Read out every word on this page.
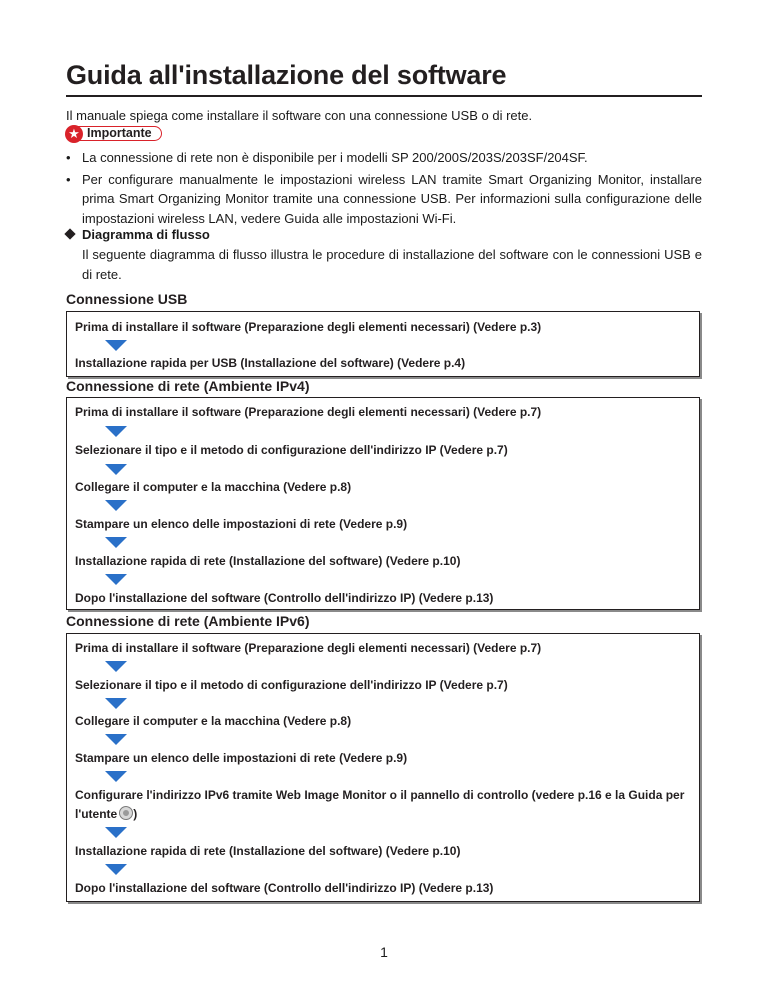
Guida all'installazione del software
Il manuale spiega come installare il software con una connessione USB o di rete.
★ Importante
• La connessione di rete non è disponibile per i modelli SP 200/200S/203S/203SF/204SF.
• Per configurare manualmente le impostazioni wireless LAN tramite Smart Organizing Monitor, installare prima Smart Organizing Monitor tramite una connessione USB. Per informazioni sulla configurazione delle impostazioni wireless LAN, vedere Guida alle impostazioni Wi-Fi.
Diagramma di flusso
Il seguente diagramma di flusso illustra le procedure di installazione del software con le connessioni USB e di rete.
Connessione USB
Prima di installare il software (Preparazione degli elementi necessari) (Vedere p.3)
Installazione rapida per USB (Installazione del software) (Vedere p.4)
Connessione di rete (Ambiente IPv4)
Prima di installare il software (Preparazione degli elementi necessari) (Vedere p.7)
Selezionare il tipo e il metodo di configurazione dell'indirizzo IP (Vedere p.7)
Collegare il computer e la macchina (Vedere p.8)
Stampare un elenco delle impostazioni di rete (Vedere p.9)
Installazione rapida di rete (Installazione del software) (Vedere p.10)
Dopo l'installazione del software (Controllo dell'indirizzo IP) (Vedere p.13)
Connessione di rete (Ambiente IPv6)
Prima di installare il software (Preparazione degli elementi necessari) (Vedere p.7)
Selezionare il tipo e il metodo di configurazione dell'indirizzo IP (Vedere p.7)
Collegare il computer e la macchina (Vedere p.8)
Stampare un elenco delle impostazioni di rete (Vedere p.9)
Configurare l'indirizzo IPv6 tramite Web Image Monitor o il pannello di controllo (vedere p.16 e la Guida per l'utente )
Installazione rapida di rete (Installazione del software) (Vedere p.10)
Dopo l'installazione del software (Controllo dell'indirizzo IP) (Vedere p.13)
1
